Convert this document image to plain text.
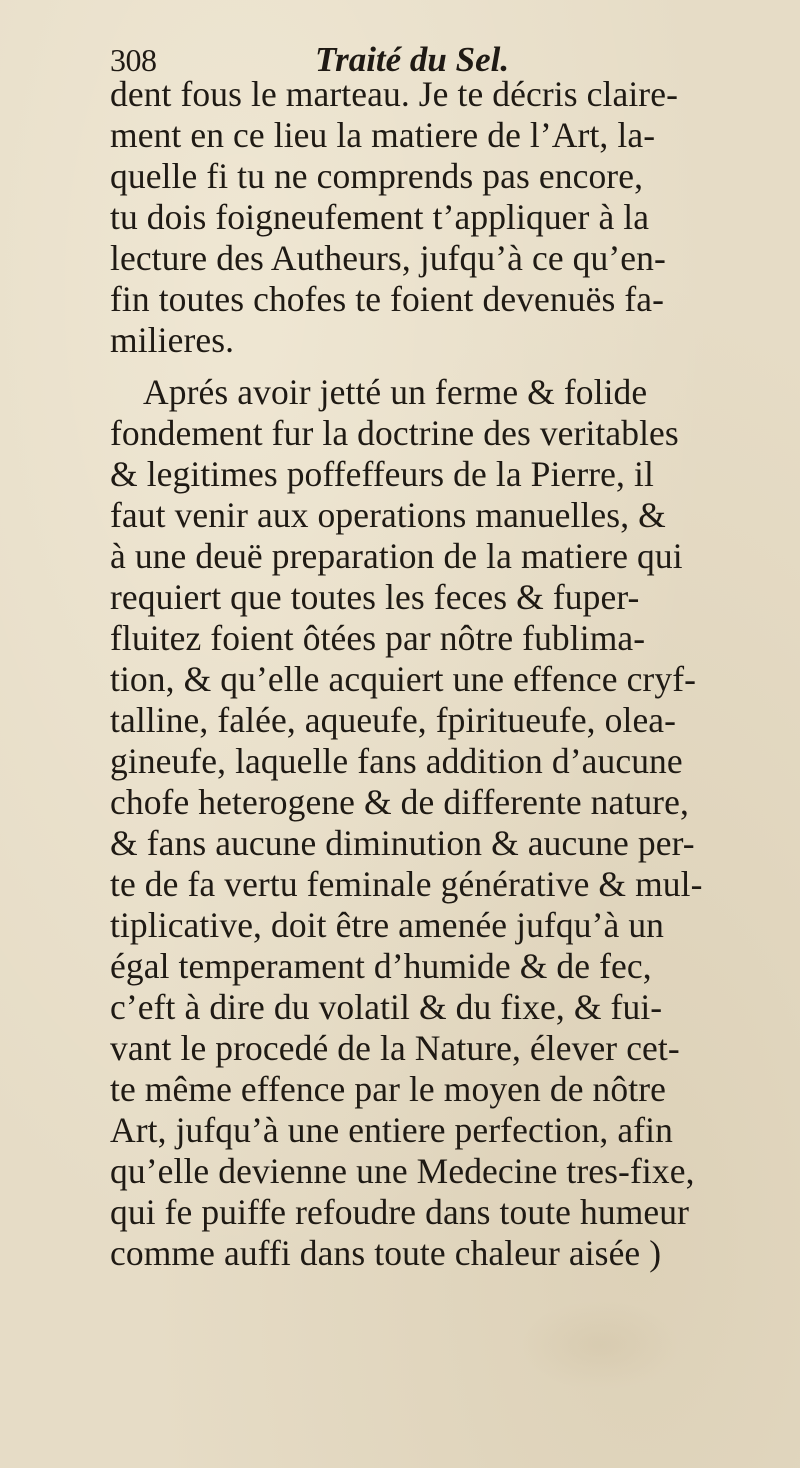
308	Traité du Sel.
dent fous le marteau. Je te décris claire-
ment en ce lieu la matiere de l’Art, la-
quelle fi tu ne comprends pas encore,
tu dois foigneufement t’appliquer à la
lecture des Autheurs, jufqu’à ce qu’en-
fin toutes chofes te foient devenuës fa-
milieres.
Aprés avoir jetté un ferme & folide
fondement fur la doctrine des veritables
& legitimes poffeffeurs de la Pierre, il
faut venir aux operations manuelles, &
à une deuë preparation de la matiere qui
requiert que toutes les feces & fuper-
fluitez foient ôtées par nôtre fublima-
tion, & qu’elle acquiert une effence cryf-
talline, falée, aqueufe, fpiritueufe, olea-
gineufe, laquelle fans addition d’aucune
chofe heterogene & de differente nature,
& fans aucune diminution & aucune per-
te de fa vertu feminale générative & mul-
tiplicative, doit être amenée jufqu’à un
égal temperament d’humide & de fec,
c’eft à dire du volatil & du fixe, & fui-
vant le procedé de la Nature, élever cet-
te même effence par le moyen de nôtre
Art, jufqu’à une entiere perfection, afin
qu’elle devienne une Medecine tres-fixe,
qui fe puiffe refoudre dans toute humeur
comme auffi dans toute chaleur aisée )
